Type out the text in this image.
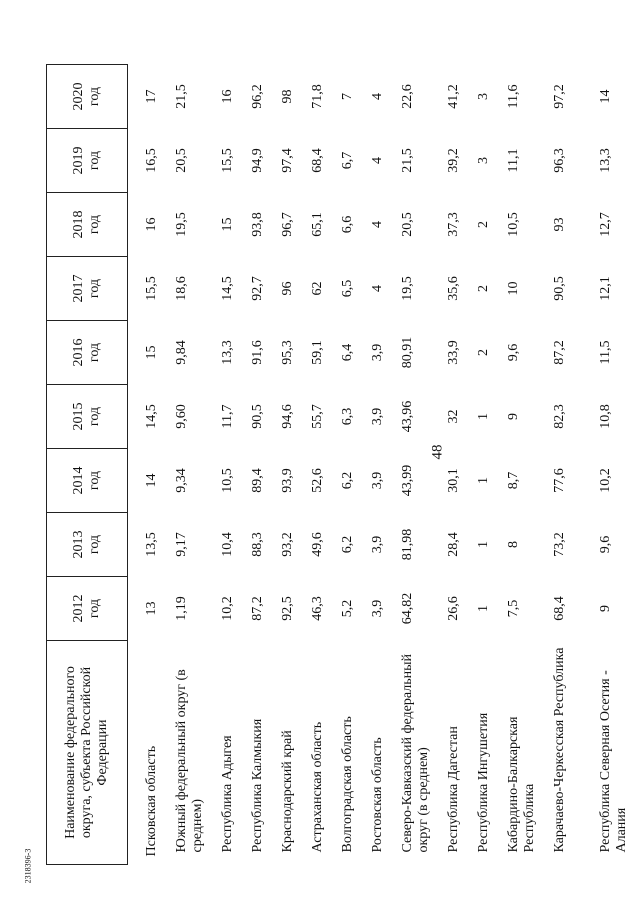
48
Наименование федерального округа, субъекта Российской Федерации	2012 год	2013 год	2014 год	2015 год	2016 год	2017 год	2018 год	2019 год	2020 год

Псковская область	13	13,5	14	14,5	15	15,5	16	16,5	17
Южный федеральный округ (в среднем)	1,19	9,17	9,34	9,60	9,84	18,6	19,5	20,5	21,5
Республика Адыгея	10,2	10,4	10,5	11,7	13,3	14,5	15	15,5	16
Республика Калмыкия	87,2	88,3	89,4	90,5	91,6	92,7	93,8	94,9	96,2
Краснодарский край	92,5	93,2	93,9	94,6	95,3	96	96,7	97,4	98
Астраханская область	46,3	49,6	52,6	55,7	59,1	62	65,1	68,4	71,8
Волгоградская область	5,2	6,2	6,2	6,3	6,4	6,5	6,6	6,7	7
Ростовская область	3,9	3,9	3,9	3,9	3,9	4	4	4	4
Северо-Кавказский федеральный округ (в среднем)	64,82	81,98	43,99	43,96	80,91	19,5	20,5	21,5	22,6
Республика Дагестан	26,6	28,4	30,1	32	33,9	35,6	37,3	39,2	41,2
Республика Ингушетия	1	1	1	1	2	2	2	3	3
Кабардино-Балкарская Республика	7,5	8	8,7	9	9,6	10	10,5	11,1	11,6
Карачаево-Черкесская Республика	68,4	73,2	77,6	82,3	87,2	90,5	93	96,3	97,2
Республика Северная Осетия - Алания	9	9,6	10,2	10,8	11,5	12,1	12,7	13,3	14
2318396-3
